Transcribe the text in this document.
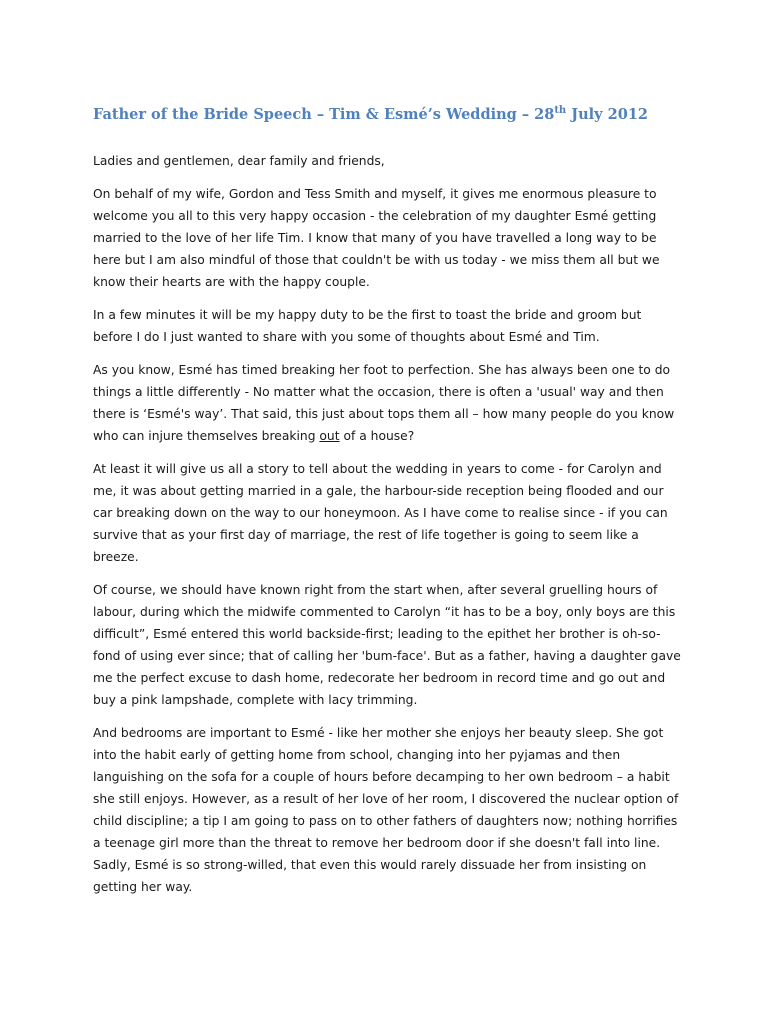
Father of the Bride Speech – Tim & Esmé’s Wedding – 28th July 2012

Ladies and gentlemen, dear family and friends,

On behalf of my wife, Gordon and Tess Smith and myself, it gives me enormous pleasure to welcome you all to this very happy occasion - the celebration of my daughter Esmé getting married to the love of her life Tim. I know that many of you have travelled a long way to be here but I am also mindful of those that couldn't be with us today - we miss them all but we know their hearts are with the happy couple.

In a few minutes it will be my happy duty to be the first to toast the bride and groom but before I do I just wanted to share with you some of thoughts about Esmé and Tim.

As you know, Esmé has timed breaking her foot to perfection. She has always been one to do things a little differently - No matter what the occasion, there is often a 'usual' way and then there is ‘Esmé's way’. That said, this just about tops them all – how many people do you know who can injure themselves breaking out of a house?

At least it will give us all a story to tell about the wedding in years to come - for Carolyn and me, it was about getting married in a gale, the harbour-side reception being flooded and our car breaking down on the way to our honeymoon. As I have come to realise since - if you can survive that as your first day of marriage, the rest of life together is going to seem like a breeze.

Of course, we should have known right from the start when, after several gruelling hours of labour, during which the midwife commented to Carolyn “it has to be a boy, only boys are this difficult”, Esmé entered this world backside-first; leading to the epithet her brother is oh-so-fond of using ever since; that of calling her 'bum-face'. But as a father, having a daughter gave me the perfect excuse to dash home, redecorate her bedroom in record time and go out and buy a pink lampshade, complete with lacy trimming.

And bedrooms are important to Esmé - like her mother she enjoys her beauty sleep. She got into the habit early of getting home from school, changing into her pyjamas and then languishing on the sofa for a couple of hours before decamping to her own bedroom – a habit she still enjoys. However, as a result of her love of her room, I discovered the nuclear option of child discipline; a tip I am going to pass on to other fathers of daughters now; nothing horrifies a teenage girl more than the threat to remove her bedroom door if she doesn't fall into line. Sadly, Esmé is so strong-willed, that even this would rarely dissuade her from insisting on getting her way.
